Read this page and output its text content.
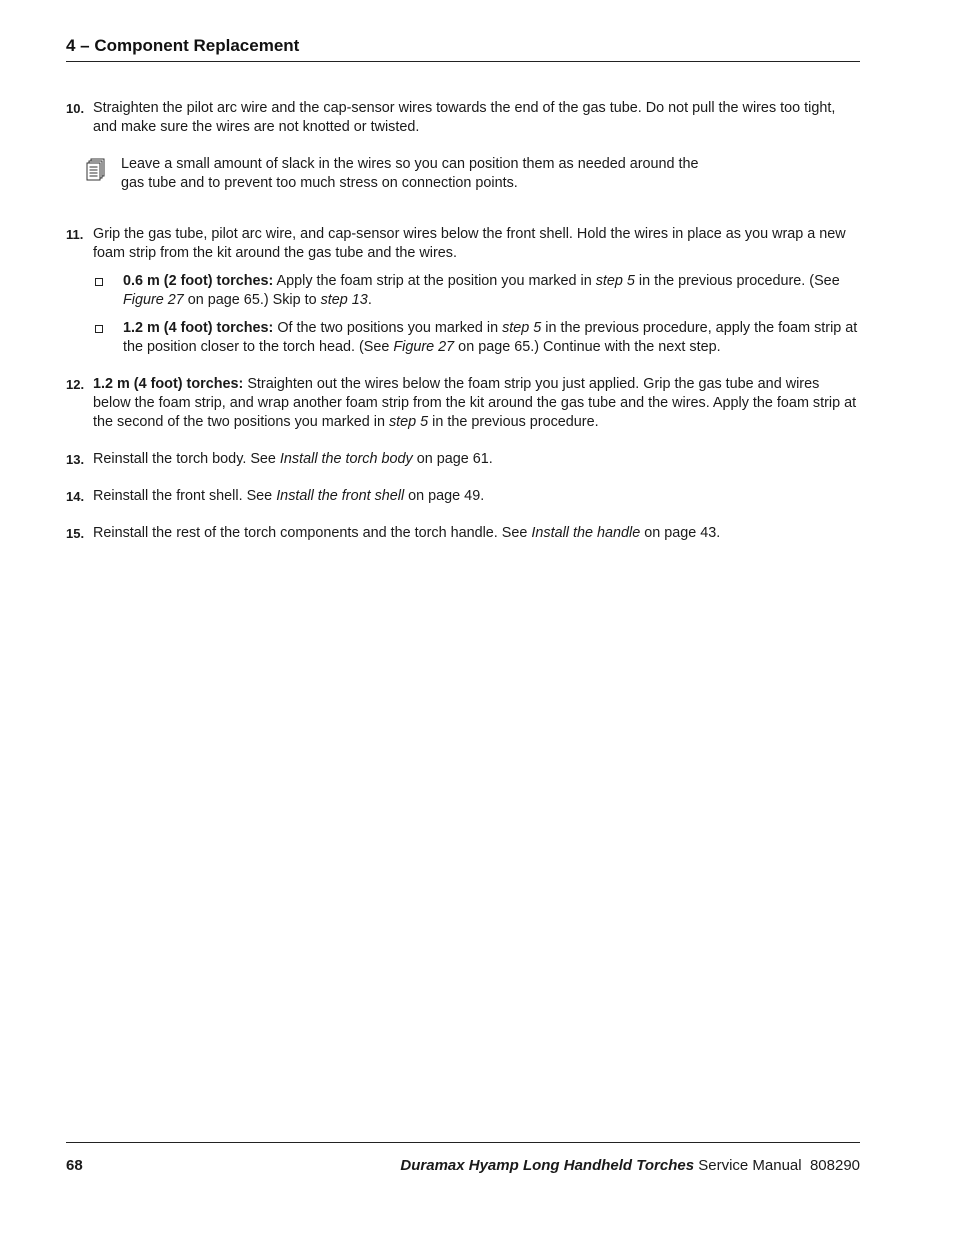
4 – Component Replacement
10. Straighten the pilot arc wire and the cap-sensor wires towards the end of the gas tube. Do not pull the wires too tight, and make sure the wires are not knotted or twisted.
Leave a small amount of slack in the wires so you can position them as needed around the gas tube and to prevent too much stress on connection points.
11. Grip the gas tube, pilot arc wire, and cap-sensor wires below the front shell. Hold the wires in place as you wrap a new foam strip from the kit around the gas tube and the wires.
0.6 m (2 foot) torches: Apply the foam strip at the position you marked in step 5 in the previous procedure. (See Figure 27 on page 65.) Skip to step 13.
1.2 m (4 foot) torches: Of the two positions you marked in step 5 in the previous procedure, apply the foam strip at the position closer to the torch head. (See Figure 27 on page 65.) Continue with the next step.
12. 1.2 m (4 foot) torches: Straighten out the wires below the foam strip you just applied. Grip the gas tube and wires below the foam strip, and wrap another foam strip from the kit around the gas tube and the wires. Apply the foam strip at the second of the two positions you marked in step 5 in the previous procedure.
13. Reinstall the torch body. See Install the torch body on page 61.
14. Reinstall the front shell. See Install the front shell on page 49.
15. Reinstall the rest of the torch components and the torch handle. See Install the handle on page 43.
68	Duramax Hyamp Long Handheld Torches Service Manual  808290
